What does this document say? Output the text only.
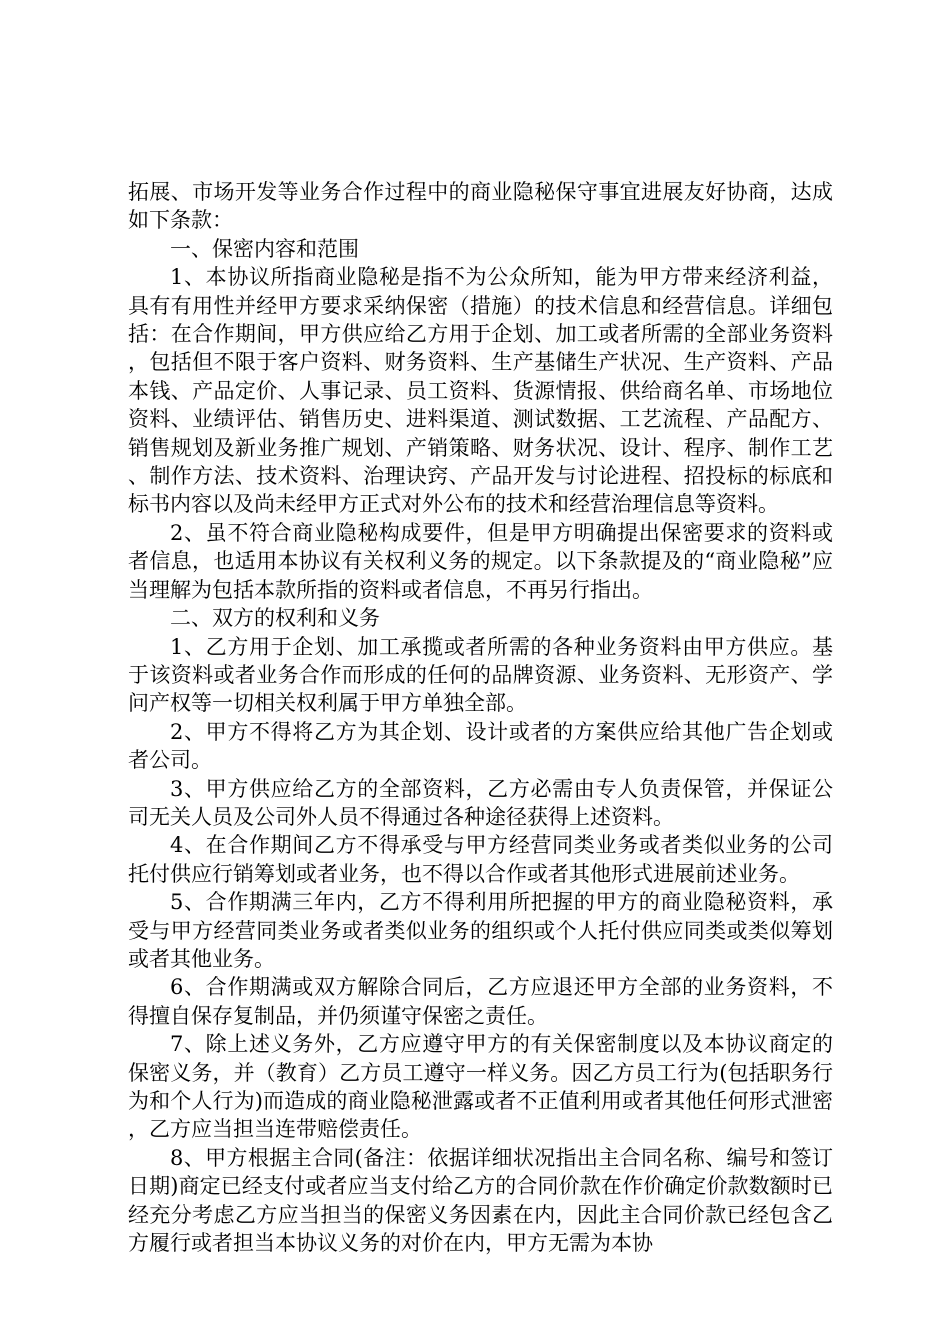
拓展、市场开发等业务合作过程中的商业隐秘保守事宜进展友好协商，达成如下条款：

一、保密内容和范围

1、本协议所指商业隐秘是指不为公众所知，能为甲方带来经济利益，具有有用性并经甲方要求采纳保密（措施）的技术信息和经营信息。详细包括：在合作期间，甲方供应给乙方用于企划、加工或者所需的全部业务资料，包括但不限于客户资料、财务资料、生产基储生产状况、生产资料、产品本钱、产品定价、人事记录、员工资料、货源情报、供给商名单、市场地位资料、业绩评估、销售历史、进料渠道、测试数据、工艺流程、产品配方、销售规划及新业务推广规划、产销策略、财务状况、设计、程序、制作工艺、制作方法、技术资料、治理诀窍、产品开发与讨论进程、招投标的标底和标书内容以及尚未经甲方正式对外公布的技术和经营治理信息等资料。

2、虽不符合商业隐秘构成要件，但是甲方明确提出保密要求的资料或者信息，也适用本协议有关权利义务的规定。以下条款提及的“商业隐秘”应当理解为包括本款所指的资料或者信息，不再另行指出。

二、双方的权利和义务

1、乙方用于企划、加工承揽或者所需的各种业务资料由甲方供应。基于该资料或者业务合作而形成的任何的品牌资源、业务资料、无形资产、学问产权等一切相关权利属于甲方单独全部。

2、甲方不得将乙方为其企划、设计或者的方案供应给其他广告企划或者公司。

3、甲方供应给乙方的全部资料，乙方必需由专人负责保管，并保证公司无关人员及公司外人员不得通过各种途径获得上述资料。

4、在合作期间乙方不得承受与甲方经营同类业务或者类似业务的公司托付供应行销筹划或者业务，也不得以合作或者其他形式进展前述业务。

5、合作期满三年内，乙方不得利用所把握的甲方的商业隐秘资料，承受与甲方经营同类业务或者类似业务的组织或个人托付供应同类或类似筹划或者其他业务。

6、合作期满或双方解除合同后，乙方应退还甲方全部的业务资料，不得擅自保存复制品，并仍须谨守保密之责任。

7、除上述义务外，乙方应遵守甲方的有关保密制度以及本协议商定的保密义务，并（教育）乙方员工遵守一样义务。因乙方员工行为(包括职务行为和个人行为)而造成的商业隐秘泄露或者不正值利用或者其他任何形式泄密，乙方应当担当连带赔偿责任。

8、甲方根据主合同(备注：依据详细状况指出主合同名称、编号和签订日期)商定已经支付或者应当支付给乙方的合同价款在作价确定价款数额时已经充分考虑乙方应当担当的保密义务因素在内，因此主合同价款已经包含乙方履行或者担当本协议义务的对价在内，甲方无需为本协
